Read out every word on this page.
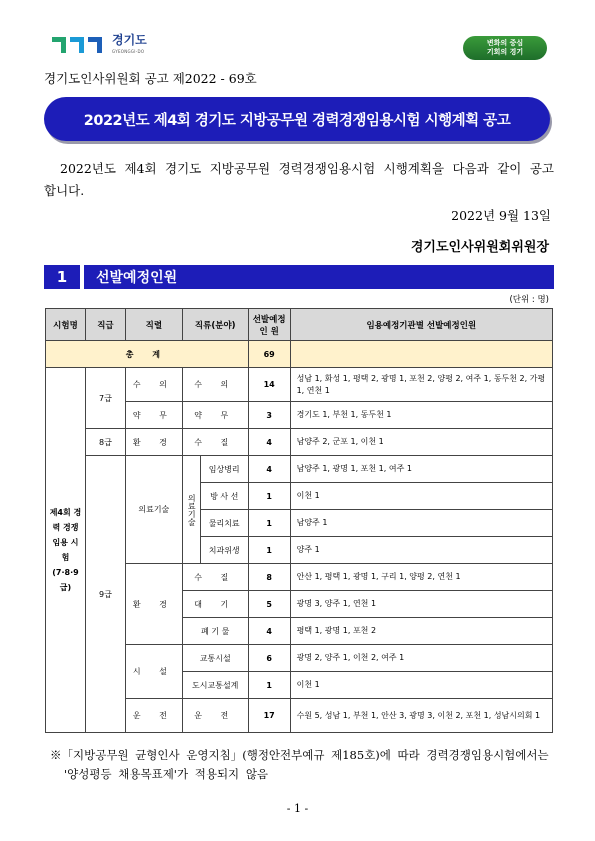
경기도
GYEONGGI-DO
변화의 중심
기회의 경기
경기도인사위원회 공고 제2022 - 69호
2022년도 제4회 경기도 지방공무원 경력경쟁임용시험 시행계획 공고
2022년도 제4회 경기도 지방공무원 경력경쟁임용시험 시행계획을 다음과 같이 공고합니다.
2022년 9월 13일
경기도인사위원회위원장
1	선발예정인원
(단위 : 명)
시험명	직급	직렬	직류(분야)		선발예정 인 원	임용예정기관별 선발예정인원
총 계					69	
제4회 경력 경쟁 임용 시험 (7·8·9급)	7급	수 의	수 의		14	성남 1, 화성 1, 평택 2, 광명 1, 포천 2, 양평 2, 여주 1, 동두천 2, 가평 1, 연천 1
		약 무	약 무		3	경기도 1, 부천 1, 동두천 1
	8급	환 경	수 질		4	남양주 2, 군포 1, 이천 1
	9급	의료기술	의료기술	임상병리	4	남양주 1, 광명 1, 포천 1, 여주 1
				방 사 선	1	이천 1
				물리치료	1	남양주 1
				치과위생	1	양주 1
		환 경	수 질		8	안산 1, 평택 1, 광명 1, 구리 1, 양평 2, 연천 1
			대 기		5	광명 3, 양주 1, 연천 1
			폐 기 물		4	평택 1, 광명 1, 포천 2
		시 설	교통시설		6	광명 2, 양주 1, 이천 2, 여주 1
			도시교통설계		1	이천 1
		운 전	운 전		17	수원 5, 성남 1, 부천 1, 안산 3, 광명 3, 이천 2, 포천 1, 성남시의회 1
※「지방공무원 균형인사 운영지침」(행정안전부예규 제185호)에 따라 경력경쟁임용시험에서는 '양성평등 채용목표제'가 적용되지 않음
- 1 -
